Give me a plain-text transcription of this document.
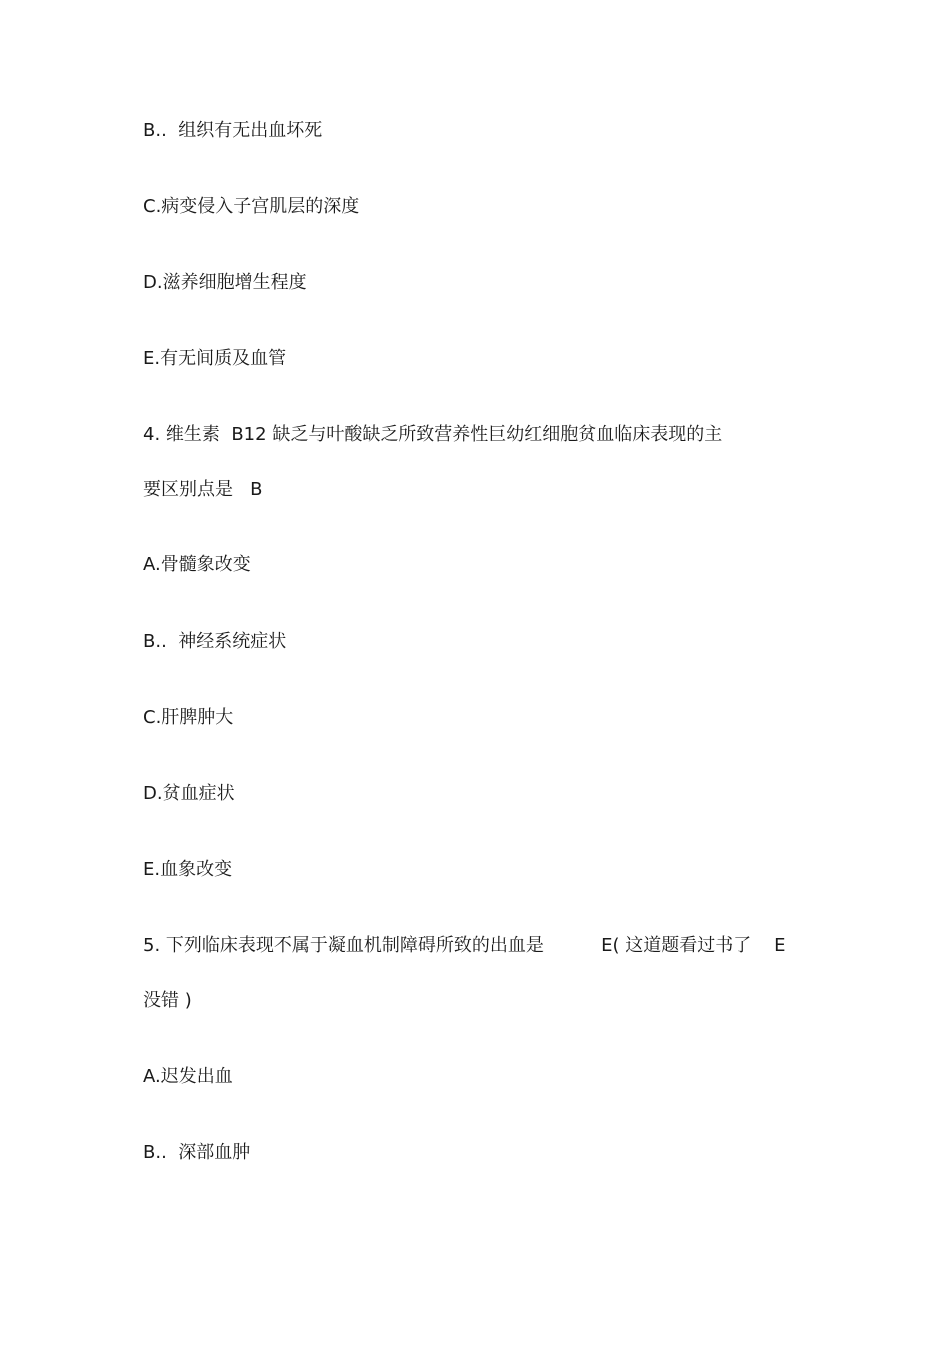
B..  组织有无出血坏死
C.病变侵入子宫肌层的深度
D.滋养细胞增生程度
E.有无间质及血管
4. 维生素  B12 缺乏与叶酸缺乏所致营养性巨幼红细胞贫血临床表现的主
要区别点是   B
A.骨髓象改变
B..  神经系统症状
C.肝脾肿大
D.贫血症状
E.血象改变
5. 下列临床表现不属于凝血机制障碍所致的出血是          E( 这道题看过书了    E
没错 )
A.迟发出血
B..  深部血肿
